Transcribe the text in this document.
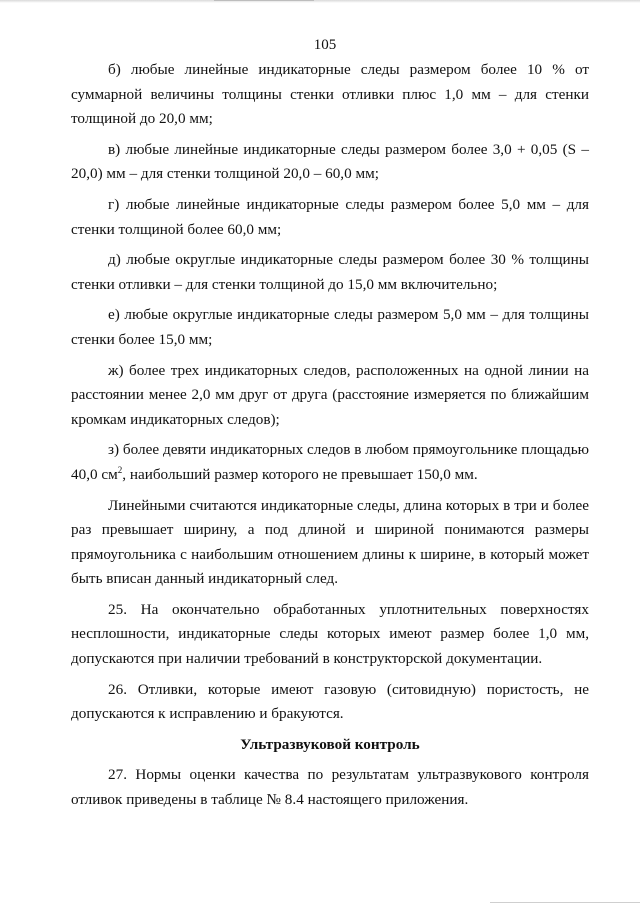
105

б) любые линейные индикаторные следы размером более 10 % от суммарной величины толщины стенки отливки плюс 1,0 мм – для стенки толщиной до 20,0 мм;

в) любые линейные индикаторные следы размером более 3,0 + 0,05 (S – 20,0) мм – для стенки толщиной 20,0 – 60,0 мм;

г) любые линейные индикаторные следы размером более 5,0 мм – для стенки толщиной более 60,0 мм;

д) любые округлые индикаторные следы размером более 30 % толщины стенки отливки – для стенки толщиной до 15,0 мм включительно;

е) любые округлые индикаторные следы размером 5,0 мм – для толщины стенки более 15,0 мм;

ж) более трех индикаторных следов, расположенных на одной линии на расстоянии менее 2,0 мм друг от друга (расстояние измеряется по ближайшим кромкам индикаторных следов);

з) более девяти индикаторных следов в любом прямоугольнике площадью 40,0 $см^2$, наибольший размер которого не превышает 150,0 мм.

Линейными считаются индикаторные следы, длина которых в три и более раз превышает ширину, а под длиной и шириной понимаются размеры прямоугольника с наибольшим отношением длины к ширине, в который может быть вписан данный индикаторный след.

25. На окончательно обработанных уплотнительных поверхностях несплошности, индикаторные следы которых имеют размер более 1,0 мм, допускаются при наличии требований в конструкторской документации.

26. Отливки, которые имеют газовую (ситовидную) пористость, не допускаются к исправлению и бракуются.

Ультразвуковой контроль

27. Нормы оценки качества по результатам ультразвукового контроля отливок приведены в таблице № 8.4 настоящего приложения.
